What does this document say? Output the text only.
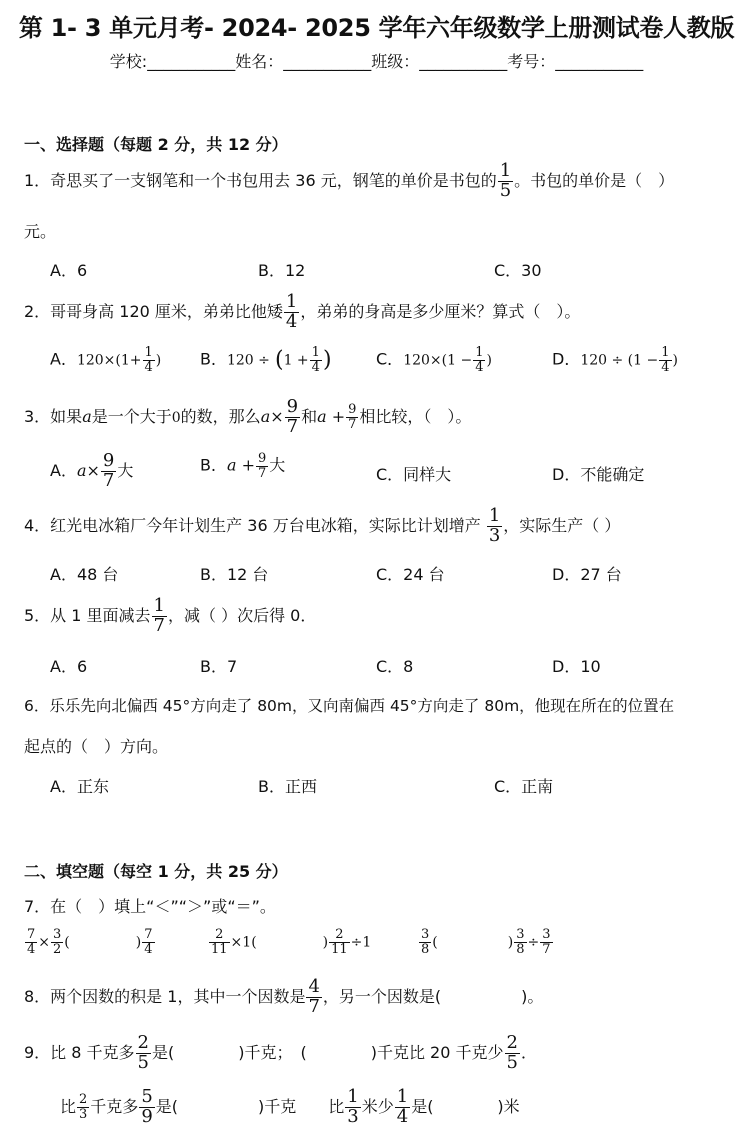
第 1- 3 单元月考- 2024- 2025 学年六年级数学上册测试卷人教版
学校:___________姓名：___________班级：___________考号：___________
一、选择题（每题 2 分，共 12 分）
1．奇思买了一支钢笔和一个书包用去 36 元，钢笔的单价是书包的 $\frac{1}{5}$ 。书包的单价是（　）
元。
A．6	B．12	C．30
2．哥哥身高 120 厘米，弟弟比他矮 $\frac{1}{4}$ ，弟弟的身高是多少厘米？算式（　）。
A．$120\times(1+ \frac{1}{4}$ ) B．$120 \div (1 + \frac{1}{4}$ )	C．$120\times(1 - \frac{1}{4}$ )	D．$120 \div (1 - \frac{1}{4}$ )
3．如果a是一个大于0的数，那么$a\times \frac{9}{7}$ 和$a + \frac{9}{7}$ 相比较，（　）。
A．$a\times \frac{9}{7}$ 大	B．$a + \frac{9}{7}$ 大	C．同样大	D．不能确定
4．红光电冰箱厂今年计划生产 36 万台电冰箱，实际比计划增产 $\frac{1}{3}$ ，实际生产（ ）
A．48 台	B．12 台	C．24 台	D．27 台
5．从 1 里面减去 $\frac{1}{7}$ ，减（ ）次后得 0．
A．6	B．7	C．8	D．10
6．乐乐先向北偏西 45°方向走了 80m，又向南偏西 45°方向走了 80m，他现在所在的位置在
起点的（　）方向。
A．正东	B．正西	C．正南
二、填空题（每空 1 分，共 25 分）
7．在（　）填上“＜”“＞”或“＝”。
$\frac{7}{4} \times \frac{3}{2}$ (	) $\frac{7}{4}$	$\frac{2}{11} \times 1$(	) $\frac{2}{11} \div 1$	$\frac{3}{8}$ (	) $\frac{3}{8} \div \frac{3}{7}$
8．两个因数的积是 1，其中一个因数是 $\frac{4}{7}$ ，另一个因数是(　　　　　)。
9．比 8 千克多 $\frac{2}{5}$ 是(　　　　)千克；　(　　　　)千克比 20 千克少 $\frac{2}{5}$ ．
比 $\frac{2}{3}$ 千克多 $\frac{5}{9}$ 是(　　　　　)千克　　比 $\frac{1}{3}$ 米少 $\frac{1}{4}$ 是(　　　　)米
